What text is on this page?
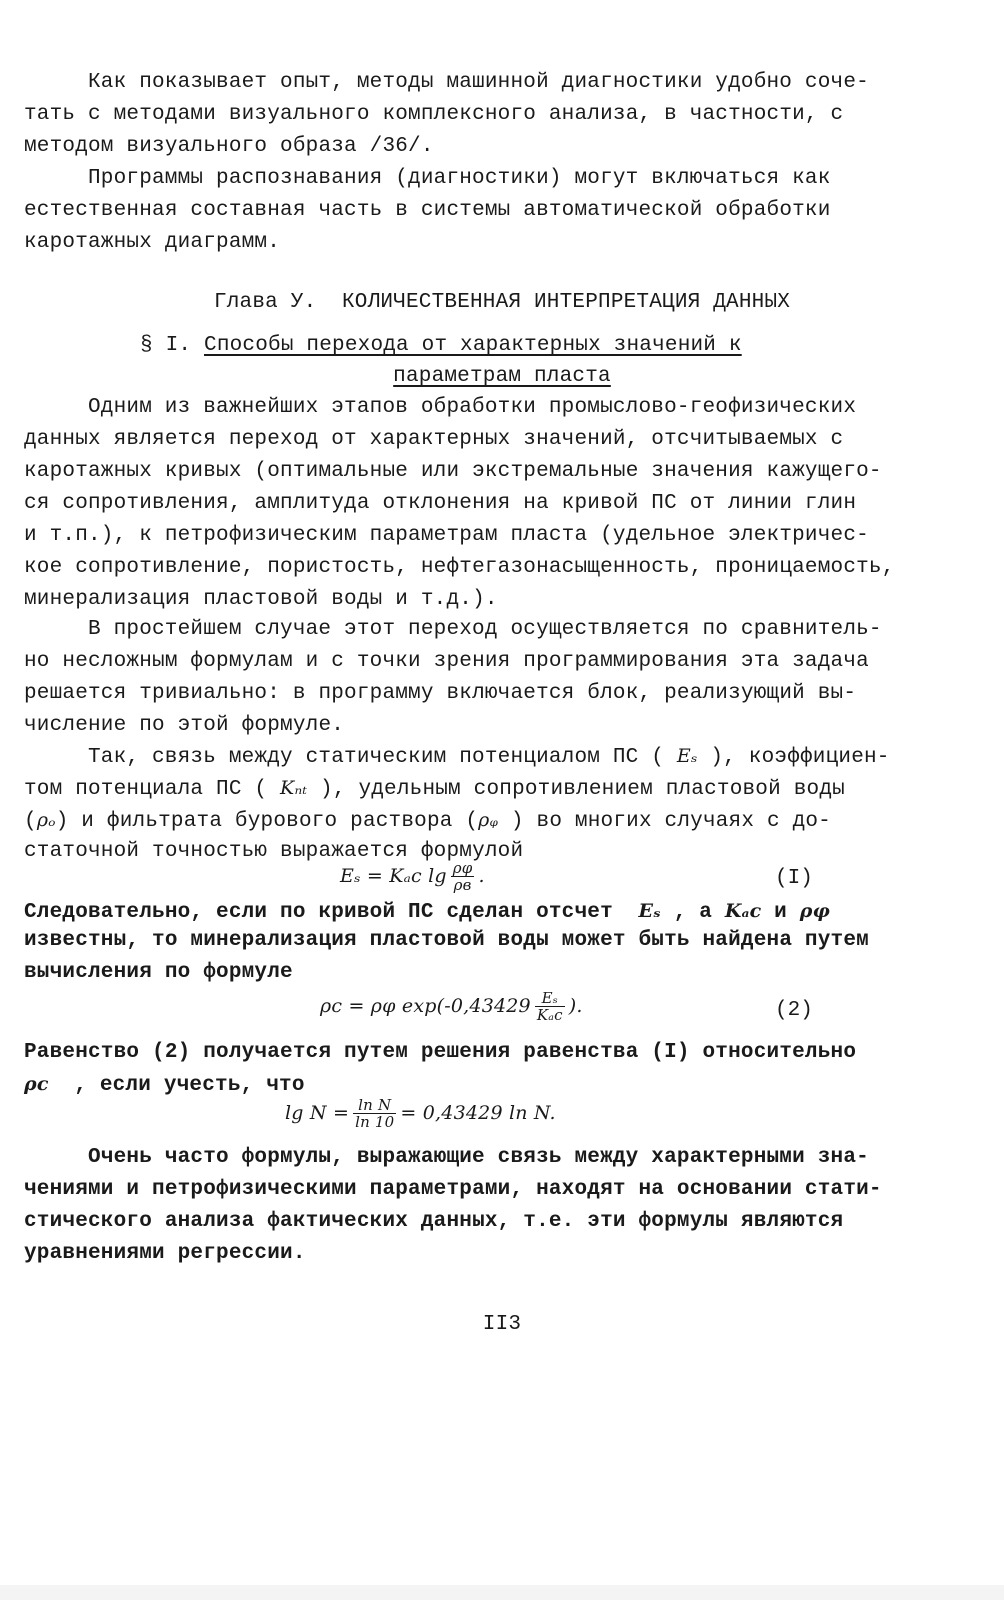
Как показывает опыт, методы машинной диагностики удобно соче-
тать с методами визуального комплексного анализа, в частности, с
методом визуального образа /36/.
Программы распознавания (диагностики) могут включаться как
естественная составная часть в системы автоматической обработки
каротажных диаграмм.
Глава У.  КОЛИЧЕСТВЕННАЯ ИНТЕРПРЕТАЦИЯ ДАННЫХ
§ I. Способы перехода от характерных значений к
параметрам пласта
Одним из важнейших этапов обработки промыслово-геофизических
данных является переход от характерных значений, отсчитываемых с
каротажных кривых (оптимальные или экстремальные значения кажущего-
ся сопротивления, амплитуда отклонения на кривой ПС от линии глин
и т.п.), к петрофизическим параметрам пласта (удельное электричес-
кое сопротивление, пористость, нефтегазонасыщенность, проницаемость,
минерализация пластовой воды и т.д.).
В простейшем случае этот переход осуществляется по сравнитель-
но несложным формулам и с точки зрения программирования эта задача
решается тривиально: в программу включается блок, реализующий вы-
числение по этой формуле.
Так, связь между статическим потенциалом ПС ( Eₛ ), коэффициен-
том потенциала ПС ( Kₙₜ ), удельным сопротивлением пластовой воды
(ρₒ) и фильтрата бурового раствора (ρᵩ ) во многих случаях с до-
статочной точностью выражается формулой
Eₛ = Kₐc $\lg \frac{\rho\varphi}{\rho в}$ .	(I)
Следовательно, если по кривой ПС сделан отсчет  Eₛ , а Kₐc и ρφ
известны, то минерализация пластовой воды может быть найдена путем
вычисления по формуле
ρc = ρφ $\exp(-0,43429 \frac{\text{Eₛ}}{\text{Kₐc}}$ ).	(2)
Равенство (2) получается путем решения равенства (I) относительно
ρc  , если учесть, что
$\lg N = \frac{\text{ln N}}{\ln 10} = 0,43429$ ln N.
Очень часто формулы, выражающие связь между характерными зна-
чениями и петрофизическими параметрами, находят на основании стати-
стического анализа фактических данных, т.е. эти формулы являются
уравнениями регрессии.
II3
